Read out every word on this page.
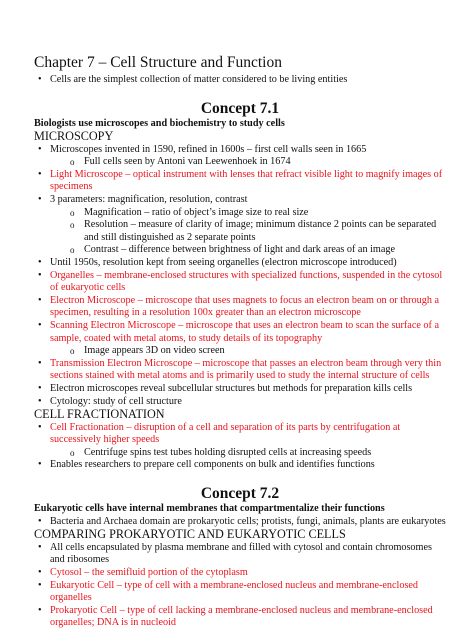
Chapter 7 – Cell Structure and Function
• Cells are the simplest collection of matter considered to be living entities
Concept 7.1
Biologists use microscopes and biochemistry to study cells
MICROSCOPY
• Microscopes invented in 1590, refined in 1600s – first cell walls seen in 1665
o Full cells seen by Antoni van Leewenhoek in 1674
• Light Microscope – optical instrument with lenses that refract visible light to magnify images of specimens
• 3 parameters: magnification, resolution, contrast
o Magnification – ratio of object’s image size to real size
o Resolution – measure of clarity of image; minimum distance 2 points can be separated and still distinguished as 2 separate points
o Contrast – difference between brightness of light and dark areas of an image
• Until 1950s, resolution kept from seeing organelles (electron microscope introduced)
• Organelles – membrane-enclosed structures with specialized functions, suspended in the cytosol of eukaryotic cells
• Electron Microscope – microscope that uses magnets to focus an electron beam on or through a specimen, resulting in a resolution 100x greater than an electron microscope
• Scanning Electron Microscope – microscope that uses an electron beam to scan the surface of a sample, coated with metal atoms, to study details of its topography
o Image appears 3D on video screen
• Transmission Electron Microscope – microscope that passes an electron beam through very thin sections stained with metal atoms and is primarily used to study the internal structure of cells
• Electron microscopes reveal subcellular structures but methods for preparation kills cells
• Cytology: study of cell structure
CELL FRACTIONATION
• Cell Fractionation – disruption of a cell and separation of its parts by centrifugation at successively higher speeds
o Centrifuge spins test tubes holding disrupted cells at increasing speeds
• Enables researchers to prepare cell components on bulk and identifies functions
Concept 7.2
Eukaryotic cells have internal membranes that compartmentalize their functions
• Bacteria and Archaea domain are prokaryotic cells; protists, fungi, animals, plants are eukaryotes
COMPARING PROKARYOTIC AND EUKARYOTIC CELLS
• All cells encapsulated by plasma membrane and filled with cytosol and contain chromosomes and ribosomes
• Cytosol – the semifluid portion of the cytoplasm
• Eukaryotic Cell – type of cell with a membrane-enclosed nucleus and membrane-enclosed organelles
• Prokaryotic Cell – type of cell lacking a membrane-enclosed nucleus and membrane-enclosed organelles; DNA is in nucleoid
